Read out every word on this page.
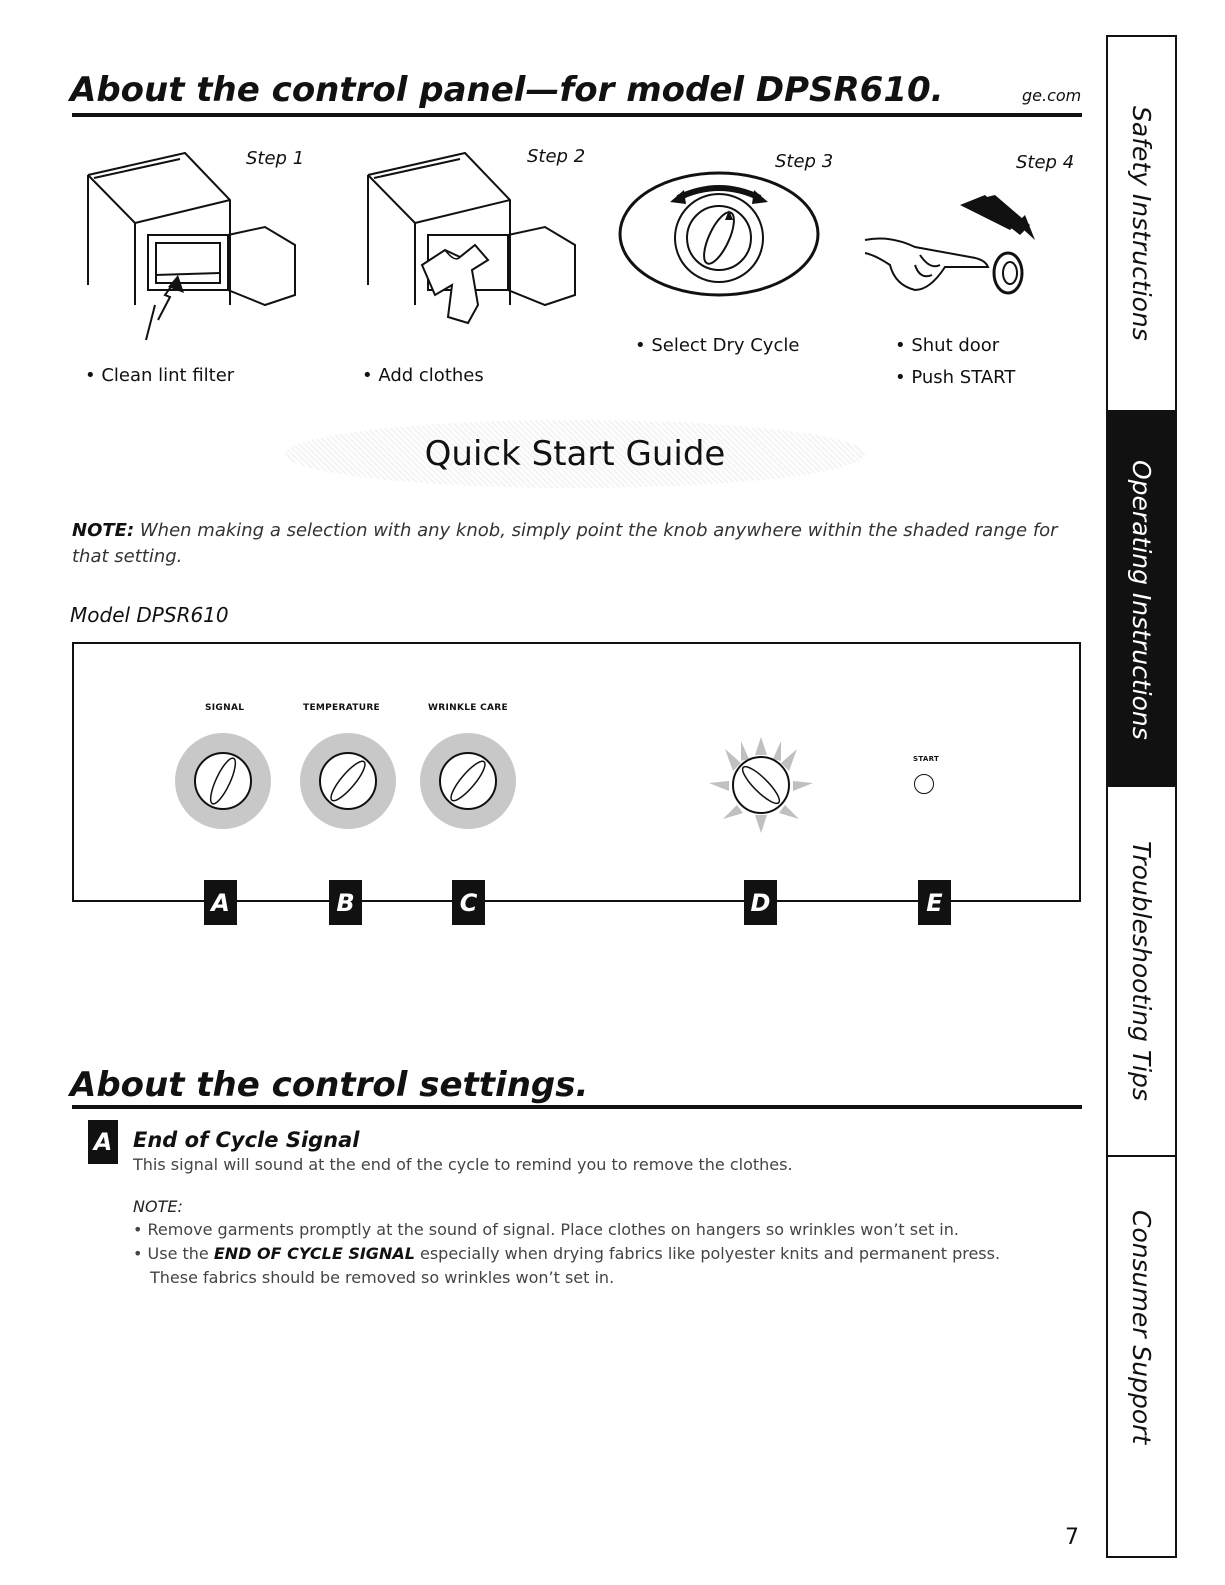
About the control panel—for model DPSR610.	ge.com
Step 1	Step 2	Step 3	Step 4
• Clean lint filter	• Add clothes
• Select Dry Cycle	• Shut door
• Push START
Quick Start Guide
NOTE: When making a selection with any knob, simply point the knob anywhere within the shaded range for that setting.
Model DPSR610
SIGNAL	TEMPERATURE	WRINKLE CARE
START
A	B	C	D	E
About the control settings.
A End of Cycle Signal
This signal will sound at the end of the cycle to remind you to remove the clothes.
NOTE:
• Remove garments promptly at the sound of signal. Place clothes on hangers so wrinkles won’t set in.
• Use the END OF CYCLE SIGNAL especially when drying fabrics like polyester knits and permanent press.
These fabrics should be removed so wrinkles won’t set in.
Safety Instructions
Operating Instructions
Troubleshooting Tips
Consumer Support
7
